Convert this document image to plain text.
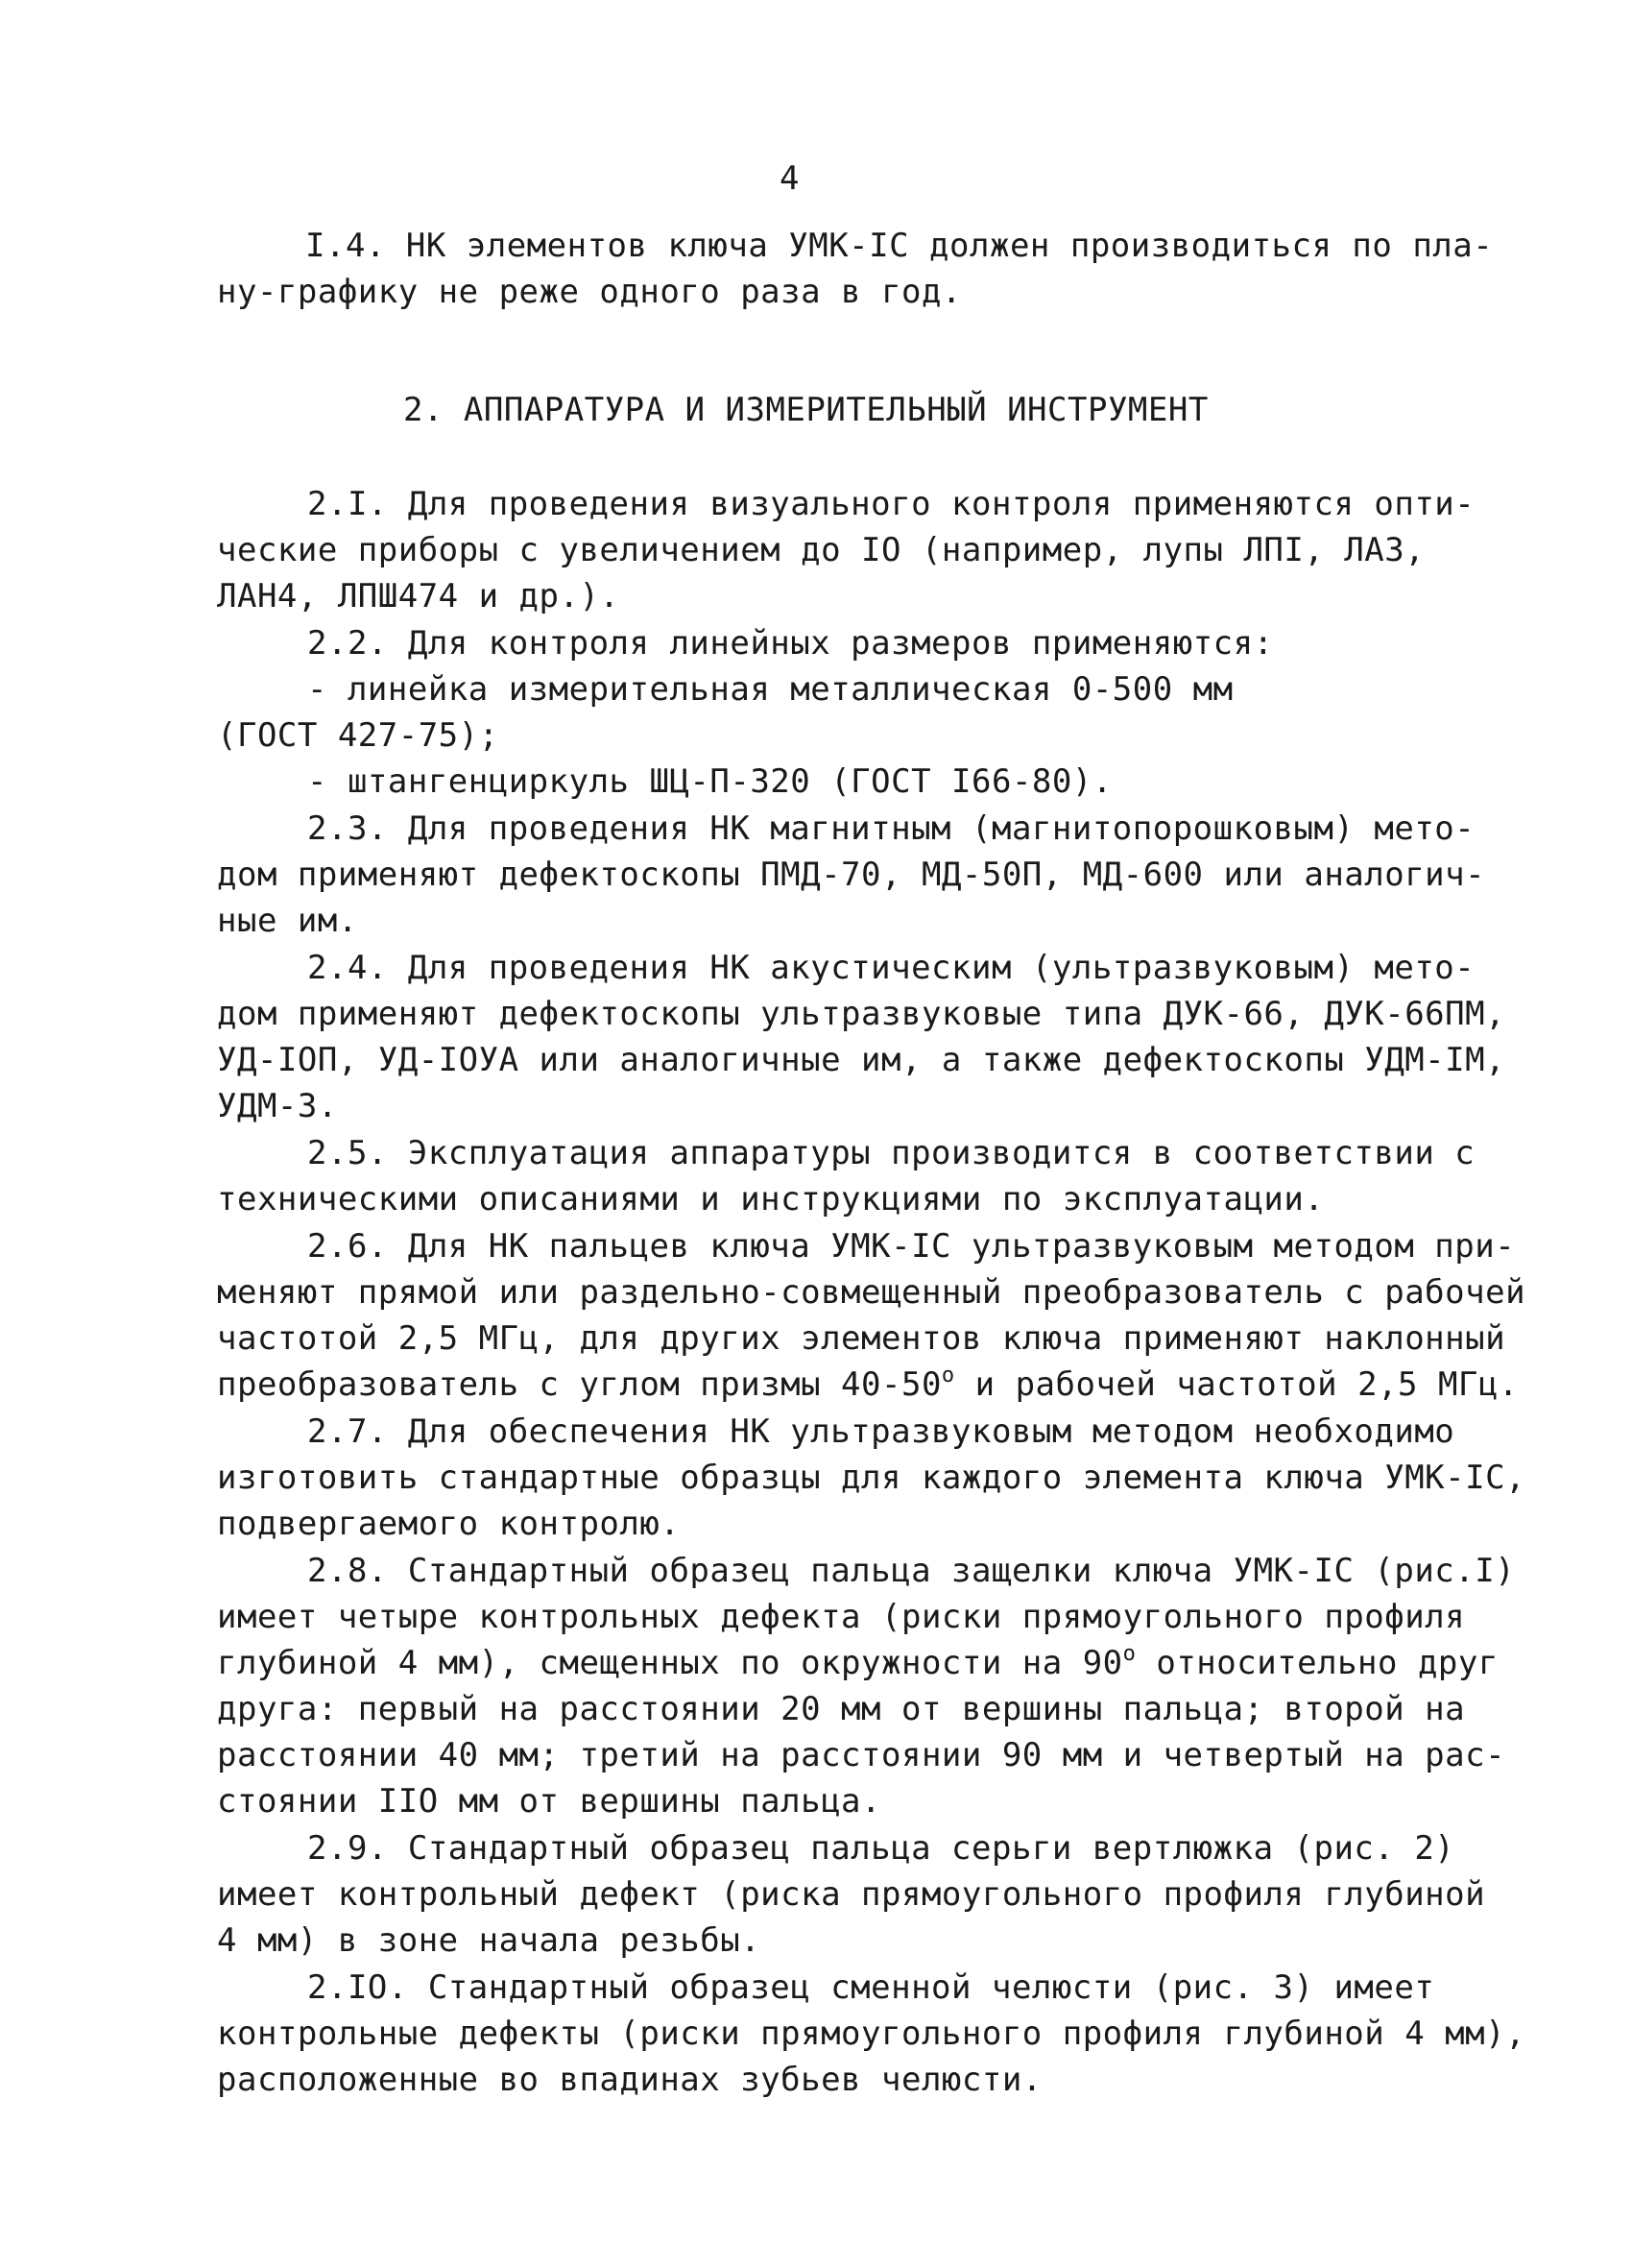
4
I.4. НК элементов ключа УМК-IС должен производиться по пла-
ну-графику не реже одного раза в год.
2. АППАРАТУРА И ИЗМЕРИТЕЛЬНЫЙ ИНСТРУМЕНТ
2.I. Для проведения визуального контроля применяются опти-
ческие приборы с увеличением до IO (например, лупы ЛПI, ЛАЗ,
ЛАН4, ЛПШ474 и др.).
2.2. Для контроля линейных размеров применяются:
- линейка измерительная металлическая 0-500 мм
(ГОСТ 427-75);
- штангенциркуль ШЦ-П-320 (ГОСТ I66-80).
2.3. Для проведения НК магнитным (магнитопорошковым) мето-
дом применяют дефектоскопы ПМД-70, МД-50П, МД-600 или аналогич-
ные им.
2.4. Для проведения НК акустическим (ультразвуковым) мето-
дом применяют дефектоскопы ультразвуковые типа ДУК-66, ДУК-66ПМ,
УД-IOП, УД-IOУА или аналогичные им, а также дефектоскопы УДМ-IМ,
УДМ-3.
2.5. Эксплуатация аппаратуры производится в соответствии с
техническими описаниями и инструкциями по эксплуатации.
2.6. Для НК пальцев ключа УМК-IС ультразвуковым методом при-
меняют прямой или раздельно-совмещенный преобразователь с рабочей
частотой 2,5 МГц, для других элементов ключа применяют наклонный
преобразователь с углом призмы $40-50^о$ и рабочей частотой 2,5 МГц.
2.7. Для обеспечения НК ультразвуковым методом необходимо
изготовить стандартные образцы для каждого элемента ключа УМК-IС,
подвергаемого контролю.
2.8. Стандартный образец пальца защелки ключа УМК-IС (рис.I)
имеет четыре контрольных дефекта (риски прямоугольного профиля
глубиной 4 мм), смещенных по окружности на $90^о$ относительно друг
друга: первый на расстоянии 20 мм от вершины пальца; второй на
расстоянии 40 мм; третий на расстоянии 90 мм и четвертый на рас-
стоянии IIO мм от вершины пальца.
2.9. Стандартный образец пальца серьги вертлюжка (рис. 2)
имеет контрольный дефект (риска прямоугольного профиля глубиной
4 мм) в зоне начала резьбы.
2.IO. Стандартный образец сменной челюсти (рис. 3) имеет
контрольные дефекты (риски прямоугольного профиля глубиной 4 мм),
расположенные во впадинах зубьев челюсти.
